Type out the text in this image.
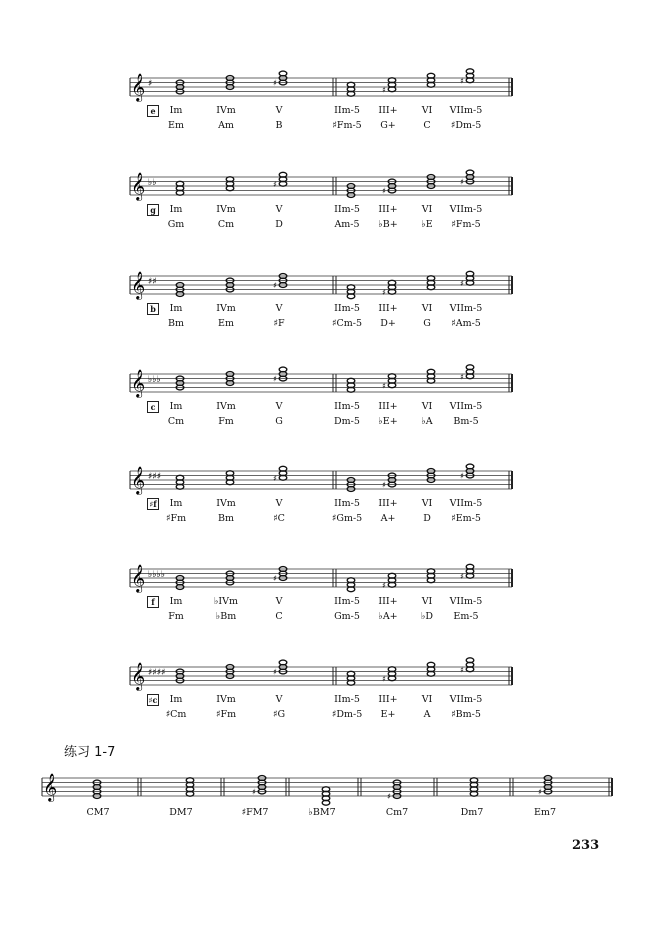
𝄞 ♯	♯
♯
♯
e	Im	IVm	V	IIm-5 III+	VI VIIm-5
Em	Am	B	♯Fm-5 G+	C ♯Dm-5
𝄞 ♭♭	♯
♯
♯
g	Im	IVm	V	IIm-5 III+	VI VIIm-5
Gm	Cm	D	Am-5 ♭B+ ♭E ♯Fm-5
𝄞 ♯♯	♯
♯
♯
b	Im	IVm	V	IIm-5 III+	VI VIIm-5
Bm	Em	♯F	♯Cm-5 D+	G ♯Am-5
𝄞 ♭♭♭	♯
♯
♯
c	Im	IVm	V	IIm-5 III+	VI VIIm-5
Cm	Fm	G	Dm-5 ♭E+ ♭A Bm-5
𝄞 ♯♯♯	♯
♯
♯
♯f Im	IVm	V	IIm-5 III+	VI VIIm-5
♯Fm	Bm	♯C	♯Gm-5 A+	D ♯Em-5
𝄞 ♭♭♭♭	♯
♯
♯
f	Im	♭IVm	V	IIm-5 III+	VI VIIm-5
Fm	♭Bm	C	Gm-5 ♭A+ ♭D Em-5
𝄞 ♯♯♯♯	♯
♯
♯
♯c Im	IVm	V	IIm-5 III+	VI VIIm-5
♯Cm	♯Fm	♯G	♯Dm-5 E+	A ♯Bm-5
练习 1-7
𝄞	♯	♯	♯
CM7	DM7	♯FM7	♭BM7	Cm7	Dm7	Em7
233
